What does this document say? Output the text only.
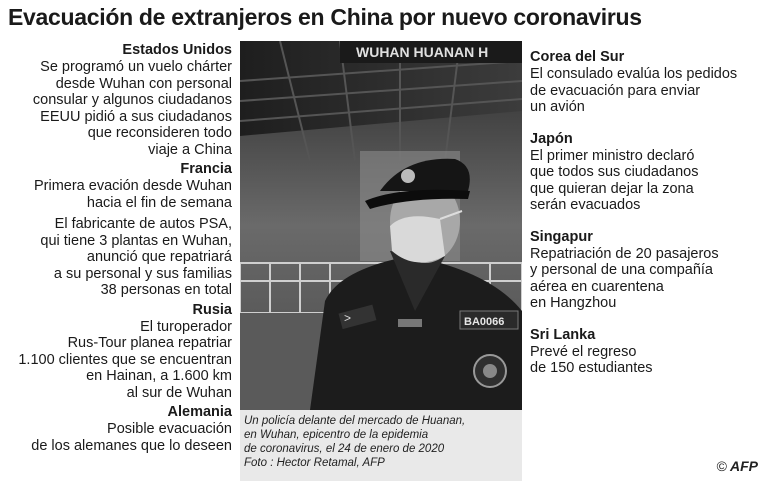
Evacuación de extranjeros en China por nuevo coronavirus

Estados Unidos

Se programó un vuelo chárter
desde Wuhan con personal
consular y algunos ciudadanos
EEUU pidió a sus ciudadanos
que reconsideren todo
viaje a China

Francia

Primera evación desde Wuhan
hacia el fin de semana

El fabricante de autos PSA,
qui tiene 3 plantas en Wuhan,
anunció que repatriará
a su personal y sus familias
38 personas en total

Rusia

El turoperador
Rus-Tour planea repatriar
1.100 clientes que se encuentran
en Hainan, a 1.600 km
al sur de Wuhan

Alemania

Posible evacuación
de los alemanes que lo deseen

WUHAN HUANAN H
>	BA0066

Un policía delante del mercado de Huanan,
en Wuhan, epicentro de la epidemia
de coronavirus, el 24 de enero de 2020
Foto : Hector Retamal, AFP

Corea del Sur

El consulado evalúa los pedidos
de evacuación para enviar
un avión

Japón

El primer ministro declaró
que todos sus ciudadanos
que quieran dejar la zona
serán evacuados

Singapur

Repatriación de 20 pasajeros
y personal de una compañía
aérea en cuarentena
en Hangzhou

Sri Lanka

Prevé el regreso
de 150 estudiantes

© AFP
